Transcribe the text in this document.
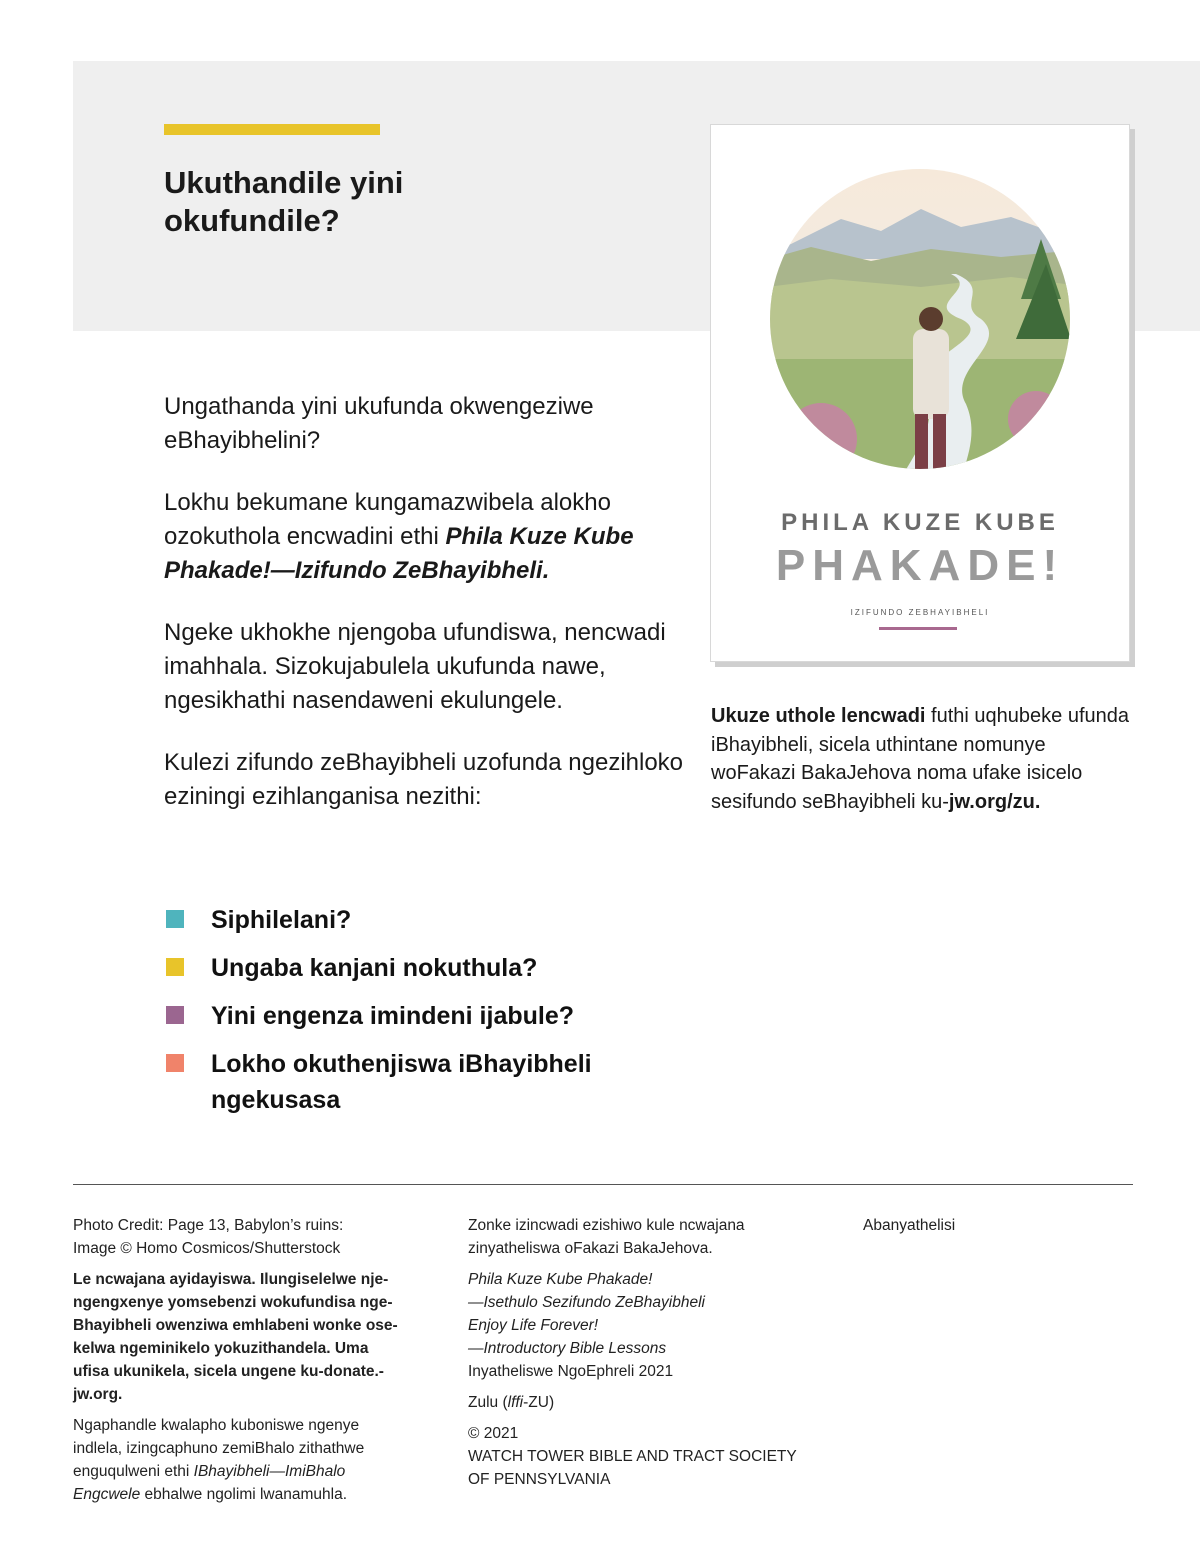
Ukuthandile yini
okufundile?

Ungathanda yini ukufunda okwengeziwe eBhayibhelini?

Lokhu bekumane kungamazwibela alokho ozokuthola encwadini ethi Phila Kuze Kube Phakade!—Izifundo ZeBhayibheli.

Ngeke ukhokhe njengoba ufundiswa, nencwadi imahhala. Sizokujabulela ukufunda nawe, ngesikhathi nasendaweni ekulungele.

Kulezi zifundo zeBhayibheli uzofunda ngezihloko eziningi ezihlanganisa nezithi:

Siphilelani?
Ungaba kanjani nokuthula?
Yini engenza imindeni ijabule?
Lokho okuthenjiswa iBhayibheli ngekusasa
PHILA KUZE KUBE
PHAKADE!
IZIFUNDO ZEBHAYIBHELI
Ukuze uthole lencwadi futhi uqhubeke ufunda iBhayibheli, sicela uthintane nomunye woFakazi BakaJehova noma ufake isicelo sesifundo seBhayibheli ku-jw.org/zu.

Photo Credit: Page 13, Babylon’s ruins:
Image © Homo Cosmicos/Shutterstock

Le ncwajana ayidayiswa. Ilungiselelwe nje-
ngengxenye yomsebenzi wokufundisa nge-
Bhayibheli owenziwa emhlabeni wonke ose-
kelwa ngeminikelo yokuzithandela. Uma
ufisa ukunikela, sicela ungene ku-donate.-
jw.org.

Ngaphandle kwalapho kuboniswe ngenye
indlela, izingcaphuno zemiBhalo zithathwe
enguqulweni ethi IBhayibheli—ImiBhalo
Engcwele ebhalwe ngolimi lwanamuhla.

Zonke izincwadi ezishiwo kule ncwajana
zinyatheliswa oFakazi BakaJehova.

Phila Kuze Kube Phakade!
—Isethulo Sezifundo ZeBhayibheli
Enjoy Life Forever!
—Introductory Bible Lessons
Inyatheliswe NgoEphreli 2021

Zulu (lffi-ZU)

© 2021
WATCH TOWER BIBLE AND TRACT SOCIETY
OF PENNSYLVANIA

Abanyathelisi
